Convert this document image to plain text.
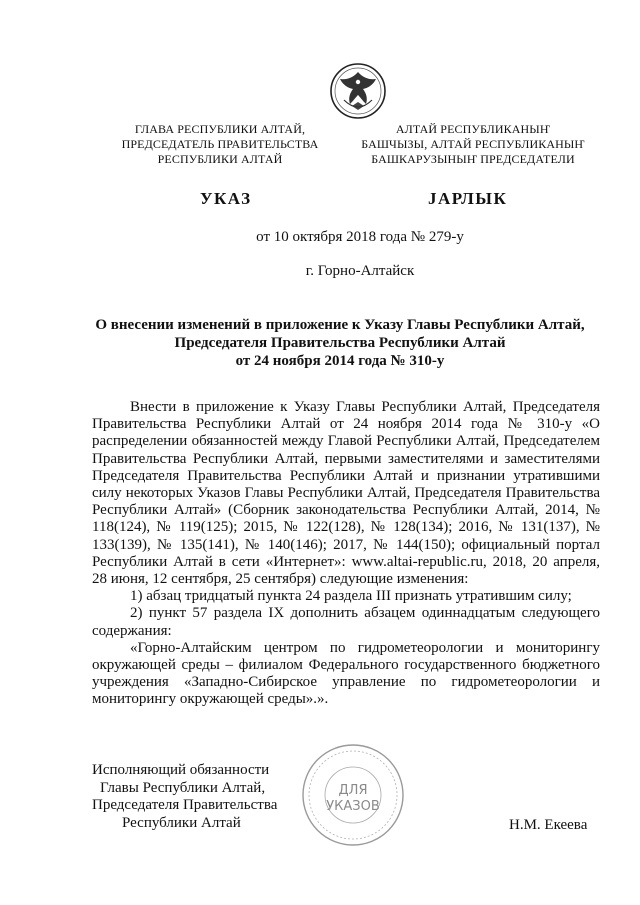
ГЛАВА РЕСПУБЛИКИ АЛТАЙ,
ПРЕДСЕДАТЕЛЬ ПРАВИТЕЛЬСТВА
РЕСПУБЛИКИ АЛТАЙ
АЛТАЙ РЕСПУБЛИКАНЫҤ
БАШЧЫЗЫ, АЛТАЙ РЕСПУБЛИКАНЫҤ
БАШКАРУЗЫНЫҤ ПРЕДСЕДАТЕЛИ
УКАЗ	JАРЛЫК
от 10 октября 2018 года № 279-у
г. Горно-Алтайск
О внесении изменений в приложение к Указу Главы Республики Алтай,
Председателя Правительства Республики Алтай
от 24 ноября 2014 года № 310-у

Внести в приложение к Указу Главы Республики Алтай, Председателя Правительства Республики Алтай от 24 ноября 2014 года № 310-у «О распределении обязанностей между Главой Республики Алтай, Председателем Правительства Республики Алтай, первыми заместителями и заместителями Председателя Правительства Республики Алтай и признании утратившими силу некоторых Указов Главы Республики Алтай, Председателя Правительства Республики Алтай» (Сборник законодательства Республики Алтай, 2014, № 118(124), № 119(125); 2015, № 122(128), № 128(134); 2016, № 131(137), № 133(139), № 135(141), № 140(146); 2017, № 144(150); официальный портал Республики Алтай в сети «Интернет»: www.altai-republic.ru, 2018, 20 апреля, 28 июня, 12 сентября, 25 сентября) следующие изменения:

1) абзац тридцатый пункта 24 раздела III признать утратившим силу;

2) пункт 57 раздела IX дополнить абзацем одиннадцатым следующего содержания:

«Горно-Алтайским центром по гидрометеорологии и мониторингу окружающей среды – филиалом Федерального государственного бюджетного учреждения «Западно-Сибирское управление по гидрометеорологии и мониторингу окружающей среды».».

Исполняющий обязанности
Главы Республики Алтай,
Председателя Правительства
Республики Алтай
ДЛЯ
УКАЗОВ
Н.М. Екеева
